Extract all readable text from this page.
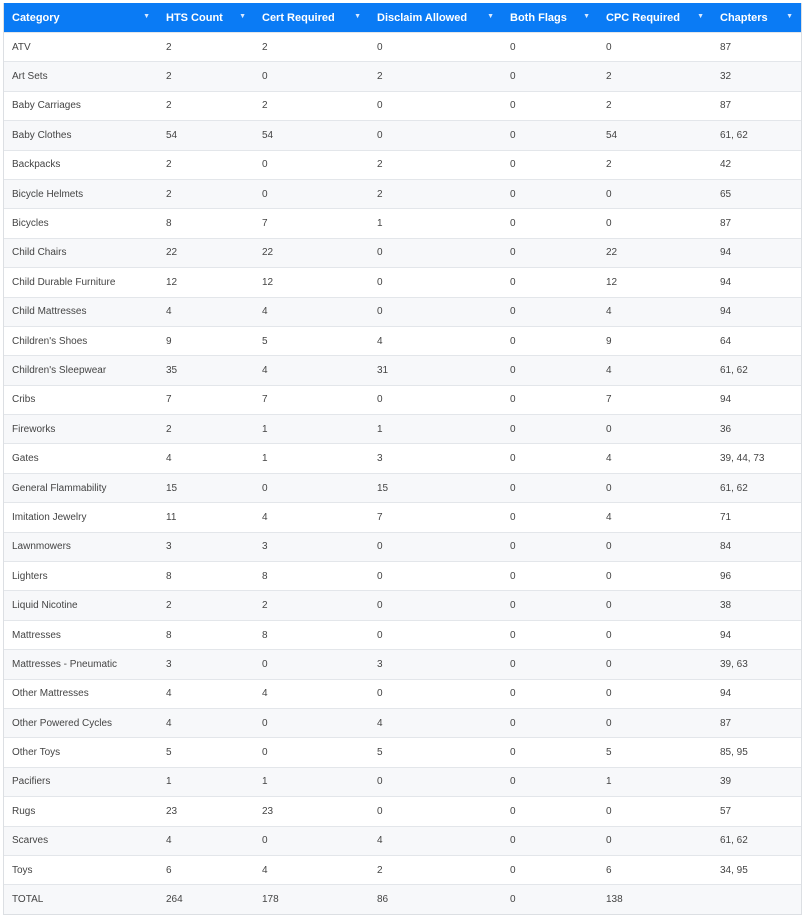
Category ▼	HTS Count ▼	Cert Required ▼	Disclaim Allowed ▼	Both Flags ▼	CPC Required ▼	Chapters ▼

ATV	2	2	0	0	0	87
Art Sets	2	0	2	0	2	32
Baby Carriages	2	2	0	0	2	87
Baby Clothes	54	54	0	0	54	61, 62
Backpacks	2	0	2	0	2	42
Bicycle Helmets	2	0	2	0	0	65
Bicycles	8	7	1	0	0	87
Child Chairs	22	22	0	0	22	94
Child Durable Furniture	12	12	0	0	12	94
Child Mattresses	4	4	0	0	4	94
Children's Shoes	9	5	4	0	9	64
Children's Sleepwear	35	4	31	0	4	61, 62
Cribs	7	7	0	0	7	94
Fireworks	2	1	1	0	0	36
Gates	4	1	3	0	4	39, 44, 73
General Flammability	15	0	15	0	0	61, 62
Imitation Jewelry	11	4	7	0	4	71
Lawnmowers	3	3	0	0	0	84
Lighters	8	8	0	0	0	96
Liquid Nicotine	2	2	0	0	0	38
Mattresses	8	8	0	0	0	94
Mattresses - Pneumatic	3	0	3	0	0	39, 63
Other Mattresses	4	4	0	0	0	94
Other Powered Cycles	4	0	4	0	0	87
Other Toys	5	0	5	0	5	85, 95
Pacifiers	1	1	0	0	1	39
Rugs	23	23	0	0	0	57
Scarves	4	0	4	0	0	61, 62
Toys	6	4	2	0	6	34, 95
TOTAL	264	178	86	0	138	
